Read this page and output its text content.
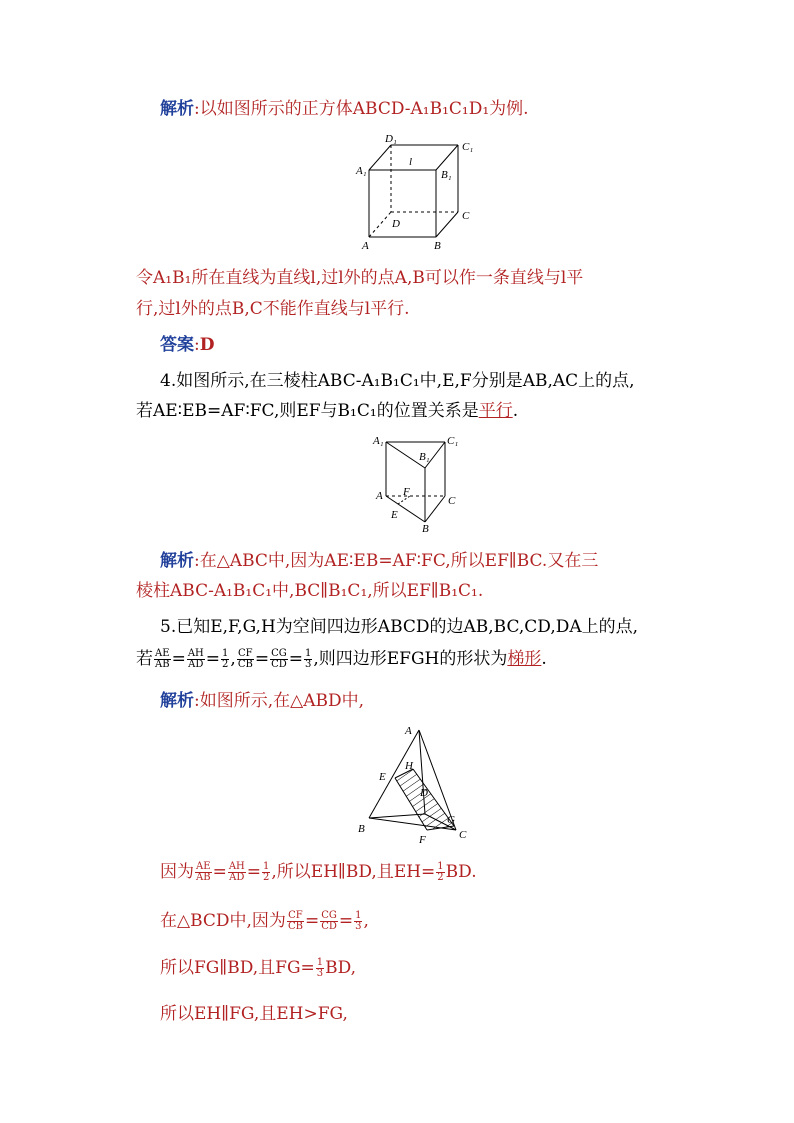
解析:以如图所示的正方体ABCD-A₁B₁C₁D₁为例.
D₁
C₁
A₁	B₁
l
D
C
A	B
令A₁B₁所在直线为直线l,过l外的点A,B可以作一条直线与l平
行,过l外的点B,C不能作直线与l平行.
答案:D
4.如图所示,在三棱柱ABC-A₁B₁C₁中,E,F分别是AB,AC上的点,
若AE∶EB=AF∶FC,则EF与B₁C₁的位置关系是平行.
A₁	C₁
B₁
A F
C
E
B
解析:在△ABC中,因为AE∶EB=AF∶FC,所以EF∥BC.又在三
棱柱ABC-A₁B₁C₁中,BC∥B₁C₁,所以EF∥B₁C₁.
5.已知E,F,G,H为空间四边形ABCD的边AB,BC,CD,DA上的点,
若 $\frac{AE}{AB} = \frac{AH}{AD} = \frac{1}{2}$ , $\frac{CF}{CB} = \frac{CG}{CD} = \frac{1}{3}$ ,则四边形EFGH的形状为梯形.
解析:如图所示,在△ABD中,
A
E
H
D
G
B
F	C
因为 $\frac{AE}{AB} = \frac{AH}{AD} = \frac{1}{2}$ ,所以EH∥BD,且$EH= \frac{1}{2}$ BD.
在△BCD中,因为 $\frac{CF}{CB} = \frac{CG}{CD} = \frac{1}{3}$ ,
所以FG∥BD,且$FG= \frac{1}{3}$ BD,
所以EH∥FG,且EH>FG,
